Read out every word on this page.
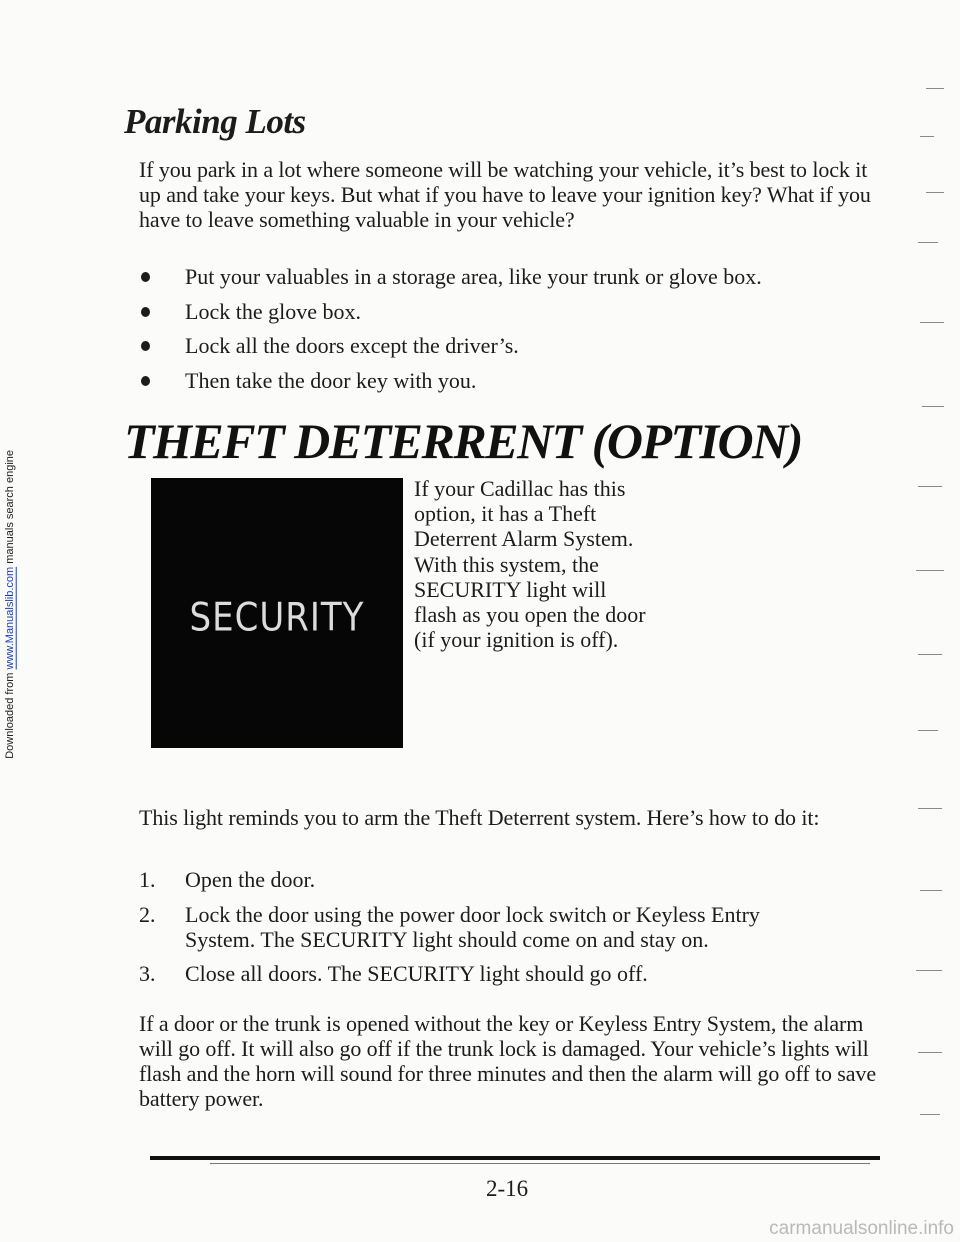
Downloaded from www.Manualslib.com manuals search engine
Parking Lots

If you park in a lot where someone will be watching your vehicle, it’s best to lock it up and take your keys. But what if you have to leave your ignition key? What if you have to leave something valuable in your vehicle?

Put your valuables in a storage area, like your trunk or glove box.
Lock the glove box.
Lock all the doors except the driver’s.
Then take the door key with you.
THEFT DETERRENT (OPTION)
SECURITY

If your Cadillac has this option, it has a Theft Deterrent Alarm System. With this system, the SECURITY light will flash as you open the door (if your ignition is off).

This light reminds you to arm the Theft Deterrent system. Here’s how to do it:

1. Open the door.
2. Lock the door using the power door lock switch or Keyless Entry System. The SECURITY light should come on and stay on.
3. Close all doors. The SECURITY light should go off.

If a door or the trunk is opened without the key or Keyless Entry System, the alarm will go off. It will also go off if the trunk lock is damaged. Your vehicle’s lights will flash and the horn will sound for three minutes and then the alarm will go off to save battery power.

2-16

carmanualsonline.info
